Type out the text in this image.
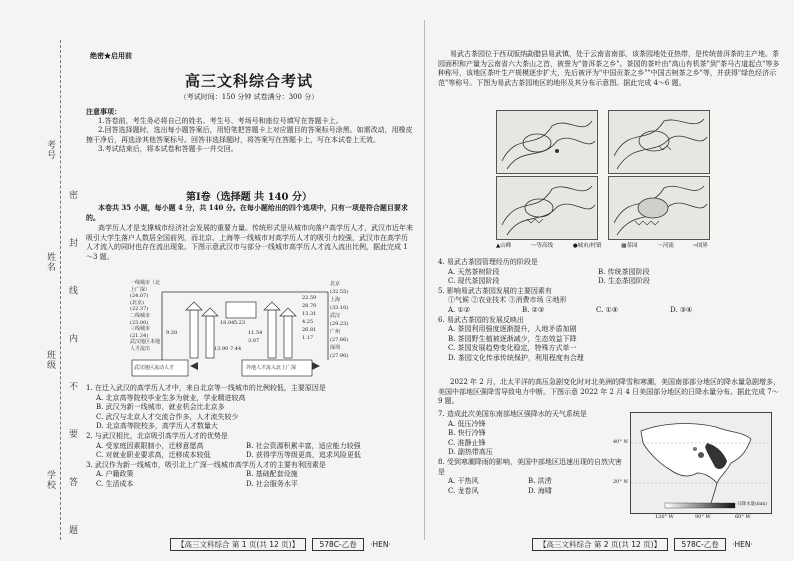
考号
姓名
班级
学校 密 封 线 内 不 要 答 题
绝密★启用前
高三文科综合考试
（考试时间：150 分钟 试卷满分：300 分）

注意事项：

1.答卷前，考生务必将自己的姓名、考生号、考场号和座位号填写在答题卡上。

2.回答选择题时，选出每小题答案后，用铅笔把答题卡上对应题目的答案标号涂黑。如需改动，用橡皮擦干净后，再选涂其他答案标号。回答非选择题时，将答案写在答题卡上，写在本试卷上无效。

3.考试结束后，将本试卷和答题卡一并交回。

第Ⅰ卷（选择题 共 140 分）
本卷共 35 小题，每小题 4 分，共 140 分。在每小题给出的四个选项中，只有一项是符合题目要求的。
高学历人才是支撑城市经济社会发展的重要力量。传统形式是从城市向落户高学历人才，武汉市近年来吸引大学生落户人数居全国前列，而北京、上海等一线城市对高学历人才的吸引力较强，武汉市在高学历人才流入的同时也存在流出现象。下图示意武汉市与部分一线城市高学历人才流入流出比例，据此完成 1～3 题。
一线城市（北上广深）
(24.07)
(北京)
(22.37)
二线城市
(23.00)
三线城市
(21.34)
武汉地区本地人才流出
北京
(32.55)
上海
(33.10)
武汉
(29.23)
广州
(27.86)
深圳
(27.90)
22.59
28.70
13.31
4.25
26.81
1.17
18.04 5.23
9.20
13.90 7.44
3.07
11.54
武汉地区流动人才	外地人才流入北上广深

1. 在迁入武汉的高学历人才中，来自北京等一线城市的比例较低，主要原因是

A. 北京高等院校毕业生多为就业，学业精进较高

B. 武汉为新一线城市，就业机会比北京多

C. 武汉与北京人才交流合作多，人才流失较少

D. 北京高等院校多，高学历人才数量大

2. 与武汉相比，北京吸引高学历人才的优势是

A. 受家庭因素限制小，迁移意愿高	B. 社会资源积累丰富，适应能力较强

C. 对就业职业要求高，迁移成本较低	D. 获得学历等级更高，追求风险更低

3. 武汉作为新一线城市，吸引北上广深一线城市高学历人才的主要有利因素是

A. 户籍政策	B. 基础配套设施

C. 生活成本	D. 社会服务水平

【高三文科综合 第 1 页(共 12 页)】	578C-乙卷 ·HEN·
易武古茶园位于西双版纳勐腊县易武镇，处于云南省南部，该茶园地处亚热带，是传统普洱茶的主产地。茶园面积和产量为云南省六大茶山之首，被誉为"普洱茶之乡"。茶园的茶叶由"高山有机茶"到"茶马古道起点"等多种称号，该地区茶叶生产规模逐步扩大，先后被评为"中国贡茶之乡""中国古树茶之乡"等，并获得"绿色经济示范"等称号。下图为易武古茶园地区的地形及其分布示意图。据此完成 4～6 题。
▲山峰	〰等高线	●城市/村镇	▦茶园	～河流	┅国界

4. 易武古茶园管理经历的阶段是

A. 天然茶树阶段	B. 传统茶园阶段

C. 现代茶园阶段	D. 生态茶园阶段

5. 影响易武古茶园发展的主要因素有

①气候 ②农业技术 ③消费市场 ④地形

A. ①②	B. ②③	C. ①④	D. ③④

6. 易武古茶园的发展反映出

A. 茶园利用强度逐渐提升，人地矛盾加剧

B. 茶园野生植被逐渐减少，生态效益下降

C. 茶园发展趋势变化稳定，特殊方式单一

D. 茶园文化传承传统保护，利用程度有合理

2022 年 2 月，北太平洋的高压急剧变化时对北美洲的降雪和寒潮，美国南部部分地区的降水量急剧增多，美国中部地区强降雪导致电力中断。下图示意 2022 年 2 月 4 日美国部分地区的日降水量分布。据此完成 7～9 题。

7. 造成此次美国东南部地区强降水的天气系统是

A. 低压冷锋

B. 快行冷锋

C. 准静止锋

D. 副热带高压

8. 受到寒潮降雨的影响，美国中部地区迅速出现的自然灾害是

A. 干热风	B. 洪涝

C. 龙卷风	D. 海啸

40° N
20° N
120° W	90° W	60° W
日降水量(mm)
【高三文科综合 第 2 页(共 12 页)】	578C-乙卷 ·HEN·
